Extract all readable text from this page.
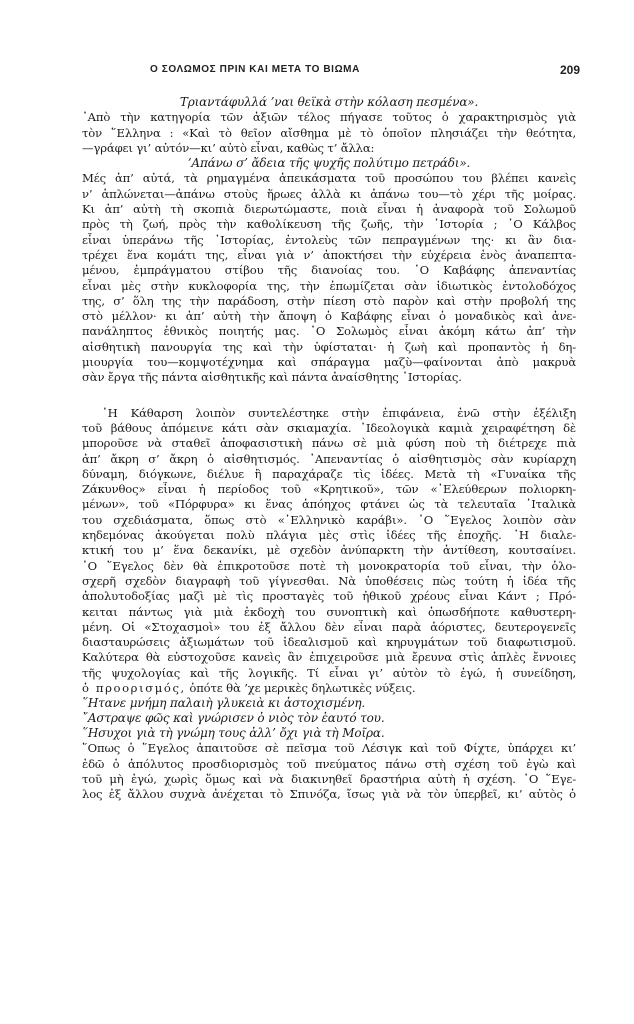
Ο ΣΟΛΩΜΟΣ ΠΡΙΝ ΚΑΙ ΜΕΤΑ ΤΟ ΒΙΩΜΑ	209

Τριαντάφυλλά ’ναι θεϊκὰ στὴν κόλαση πεσμένα».

᾿Απὸ τὴν κατηγορία τῶν ἀξιῶν τέλος πήγασε τοῦτος ὁ χαρακτηρισμὸς γιὰ
τὸν ῞Ελληνα : «Καὶ τὸ θεῖον αἴσθημα μὲ τὸ ὁποῖον πλησιάζει τὴν θεότητα,
—γράφει γι’ αὐτόν—κι’ αὐτὸ εἶναι, καθὼς τ’ ἄλλα:

’Απάνω σ’ ἄδεια τῆς ψυχῆς πολύτιμο πετράδι».

Μές ἀπ’ αὐτά, τὰ ρημαγμένα ἀπεικάσματα τοῦ προσώπου του βλέπει κανεὶς
ν’ ἁπλώνεται—ἀπάνω στοὺς ἥρωες ἀλλὰ κι ἀπάνω του—τὸ χέρι τῆς μοίρας.
Κι ἀπ’ αὐτὴ τὴ σκοπιὰ διερωτώμαστε, ποιὰ εἶναι ἡ ἀναφορὰ τοῦ Σολωμοῦ
πρὸς τὴ ζωή, πρὸς τὴν καθολίκευση τῆς ζωῆς, τὴν ῾Ιστορία ; ῾Ο Κάλβος
εἶναι ὑπεράνω τῆς ῾Ιστορίας, ἐντολεὺς τῶν πεπραγμένων της· κι ἂν δια-
τρέχει ἕνα κομάτι της, εἶναι γιὰ ν’ ἀποκτήσει τὴν εὐχέρεια ἑνὸς ἀναπεπτα-
μένου, ἐμπράγματου στίβου τῆς διανοίας του. ῾Ο Καβάφης ἀπεναντίας
εἶναι μὲς στὴν κυκλοφορία της, τὴν ἐπωμίζεται σὰν ἰδιωτικὸς ἐντολοδόχος
της, σ’ ὅλη της τὴν παράδοση, στὴν πίεση στὸ παρὸν καὶ στὴν προβολή της
στὸ μέλλον· κι ἀπ’ αὐτὴ τὴν ἄποψη ὁ Καβάφης εἶναι ὁ μοναδικὸς καὶ ἀνε-
πανάληπτος ἐθνικὸς ποιητής μας. ῾Ο Σολωμὸς εἶναι ἀκόμη κάτω ἀπ’ τὴν
αἰσθητικὴ πανουργία της καὶ τὴν ὑφίσταται· ἡ ζωὴ καὶ προπαντὸς ἡ δη-
μιουργία του—κομψοτέχνημα καὶ σπάραγμα μαζὺ—φαίνονται ἀπὸ μακρυὰ
σὰν ἔργα τῆς πάντα αἰσθητικῆς καὶ πάντα ἀναίσθητης ῾Ιστορίας.

῾Η Κάθαρση λοιπὸν συντελέστηκε στὴν ἐπιφάνεια, ἐνῶ στὴν ἐξέλιξη
τοῦ βάθους ἀπόμεινε κάτι σὰν σκιαμαχία. ᾿Ιδεολογικὰ καμιὰ χειραφέτηση δὲ
μποροῦσε νὰ σταθεῖ ἀποφασιστικὴ πάνω σὲ μιὰ φύση ποὺ τὴ διέτρεχε πιὰ
ἀπ’ ἄκρη σ’ ἄκρη ὁ αἰσθητισμός. ᾿Απεναντίας ὁ αἰσθητισμὸς σὰν κυρίαρχη
δύναμη, διόγκωνε, διέλυε ἢ παραχάραζε τὶς ἰδέες. Μετὰ τὴ «Γυναίκα τῆς
Ζάκυνθος» εἶναι ἡ περίοδος τοῦ «Κρητικοῦ», τῶν «᾿Ελεύθερων πολιορκη-
μένων», τοῦ «Πόρφυρα» κι ἕνας ἀπόηχος φτάνει ὡς τὰ τελευταῖα ᾿Ιταλικὰ
του σχεδιάσματα, ὅπως στὸ «῾Ελληνικὸ καράβι». ῾Ο ῞Εγελος λοιπὸν σὰν
κηδεμόνας ἀκούγεται πολὺ πλάγια μὲς στὶς ἰδέες τῆς ἐποχῆς. ῾Η διαλε-
κτική του μ’ ἕνα δεκανίκι, μὲ σχεδὸν ἀνύπαρκτη τὴν ἀντίθεση, κουτσαίνει.
῾Ο ῞Εγελος δὲν θὰ ἐπικροτοῦσε ποτὲ τὴ μονοκρατορία τοῦ εἶναι, τὴν ὁλο-
σχερῆ σχεδὸν διαγραφὴ τοῦ γίγνεσθαι. Νὰ ὑποθέσεις πὼς τούτη ἡ ἰδέα τῆς
ἀπολυτοδοξίας μαζὶ μὲ τὶς προσταγὲς τοῦ ἠθικοῦ χρέους εἶναι Κάντ ; Πρό-
κειται πάντως γιὰ μιὰ ἐκδοχὴ του συνοπτικὴ καὶ ὁπωσδήποτε καθυστερη-
μένη. Οἱ «Στοχασμοὶ» του ἐξ ἄλλου δὲν εἶναι παρὰ ἀόριστες, δευτερογενεῖς
διασταυρώσεις ἀξιωμάτων τοῦ ἰδεαλισμοῦ καὶ κηρυγμάτων τοῦ διαφωτισμοῦ.
Καλύτερα θὰ εὐστοχοῦσε κανεὶς ἂν ἐπιχειροῦσε μιὰ ἔρευνα στὶς ἁπλὲς ἔννοιες
τῆς ψυχολογίας καὶ τῆς λογικῆς. Τί εἶναι γι’ αὐτὸν τὸ ἐγώ, ἡ συνείδηση,
ὁ προορισμός, ὁπότε θὰ ’χε μερικὲς δηλωτικὲς νύξεις.

῞Ητανε μνήμη παλαιὴ γλυκειὰ κι ἀστοχισμένη.
῎Αστραψε φῶς καὶ γνώρισεν ὁ νιὸς τὸν ἑαυτό του.
῞Ησυχοι γιὰ τὴ γνώμη τους ἀλλ’ ὄχι γιὰ τὴ Μοῖρα.

῞Οπως ὁ ῞Εγελος ἀπαιτοῦσε σὲ πεῖσμα τοῦ Λέσιγκ καὶ τοῦ Φίχτε, ὑπάρχει κι’
ἐδῶ ὁ ἀπόλυτος προσδιορισμὸς τοῦ πνεύματος πάνω στὴ σχέση τοῦ ἐγὼ καὶ
τοῦ μὴ ἐγώ, χωρὶς ὅμως καὶ νὰ διακινηθεῖ δραστήρια αὐτὴ ἡ σχέση. ῾Ο ῞Εγε-
λος ἐξ ἄλλου συχνὰ ἀνέχεται τὸ Σπινόζα, ἴσως γιὰ νὰ τὸν ὑπερβεῖ, κι’ αὐτὸς ὁ
